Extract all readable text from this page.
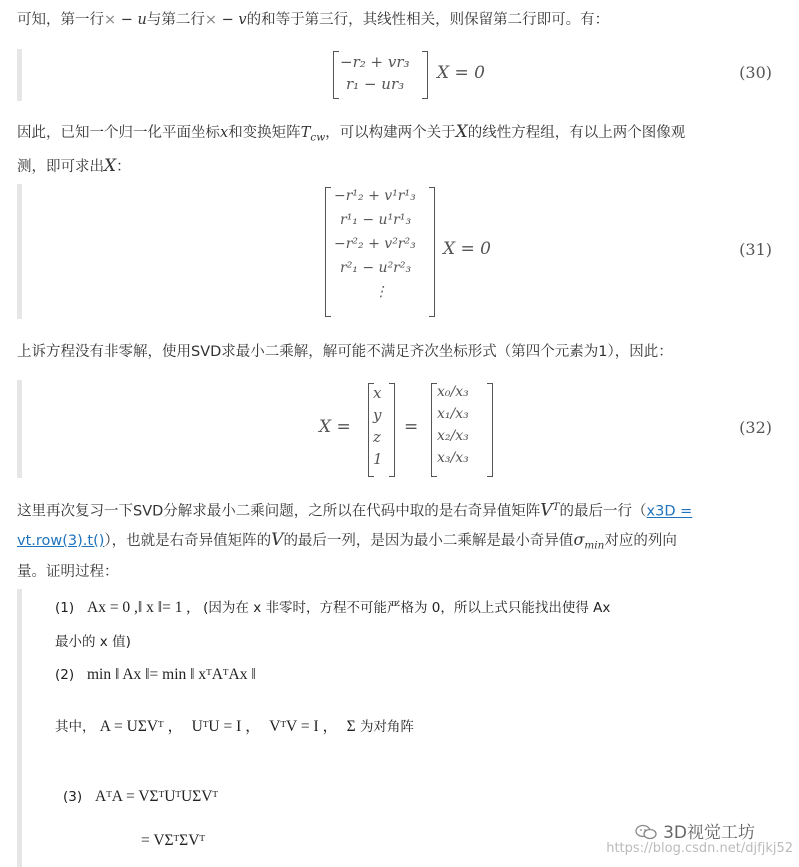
可知，第一行× − u与第二行× − v的和等于第三行，其线性相关，则保留第二行即可。有：
−r₂ + vr₃
r₁ − ur₃
X = 0	(30)
因此，已知一个归一化平面坐标x和变换矩阵$T_{cw}$，可以构建两个关于X的线性方程组，有以上两个图像观
测，即可求出X：
−r¹₂ + v¹r¹₃
r¹₁ − u¹r¹₃
−r²₂ + v²r²₃
r²₁ − u²r²₃
⋮
X = 0	(31)
上诉方程没有非零解，使用SVD求最小二乘解，解可能不满足齐次坐标形式（第四个元素为1），因此：
X =
x
y
z
1
=
x₀/x₃
x₁/x₃
x₂/x₃
x₃/x₃
(32)
这里再次复习一下SVD分解求最小二乘问题，之所以在代码中取的是右奇异值矩阵$V^T$的最后一行（x3D =
vt.row(3).t()），也就是右奇异值矩阵的V的最后一列，是因为最小二乘解是最小奇异值$\sigma_{min}$对应的列向
量。证明过程：
(1) Ax = 0 ,‖ x ‖= 1 , (因为在 x 非零时，方程不可能严格为 0，所以上式只能找出使得 Ax
最小的 x 值)
(2) min ‖ Ax ‖= min ‖ xᵀAᵀAx ‖
其中， A = UΣVᵀ ， UᵀU = I ， VᵀV = I ， Σ 为对角阵
(3) AᵀA = VΣᵀUᵀUΣVᵀ
= VΣᵀΣVᵀ	3D视觉工坊
https://blog.csdn.net/djfjkj52
